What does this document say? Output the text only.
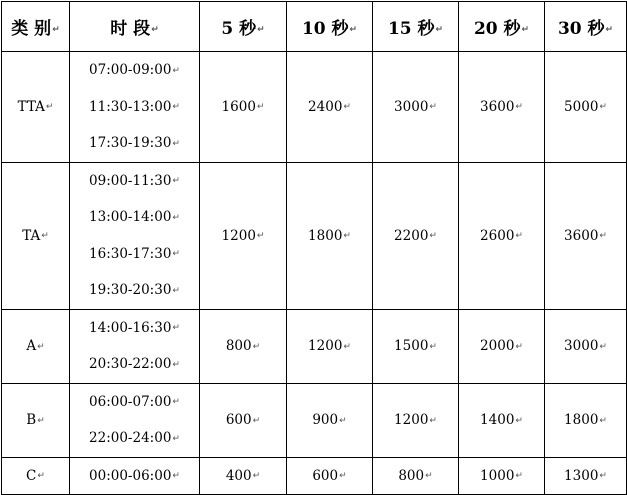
类 别↵	时 段↵	5 秒↵	10 秒↵	15 秒↵	20 秒↵	30 秒↵
TTA↵	07:00-09:00↵
11:30-13:00↵
17:30-19:30↵	1600↵	2400↵	3000↵	3600↵	5000↵
TA↵	09:00-11:30↵
13:00-14:00↵
16:30-17:30↵
19:30-20:30↵	1200↵	1800↵	2200↵	2600↵	3600↵
A↵	14:00-16:30↵
20:30-22:00↵	800↵	1200↵	1500↵	2000↵	3000↵
B↵	06:00-07:00↵
22:00-24:00↵	600↵	900↵	1200↵	1400↵	1800↵
C↵	00:00-06:00↵	400↵	600↵	800↵	1000↵	1300↵
